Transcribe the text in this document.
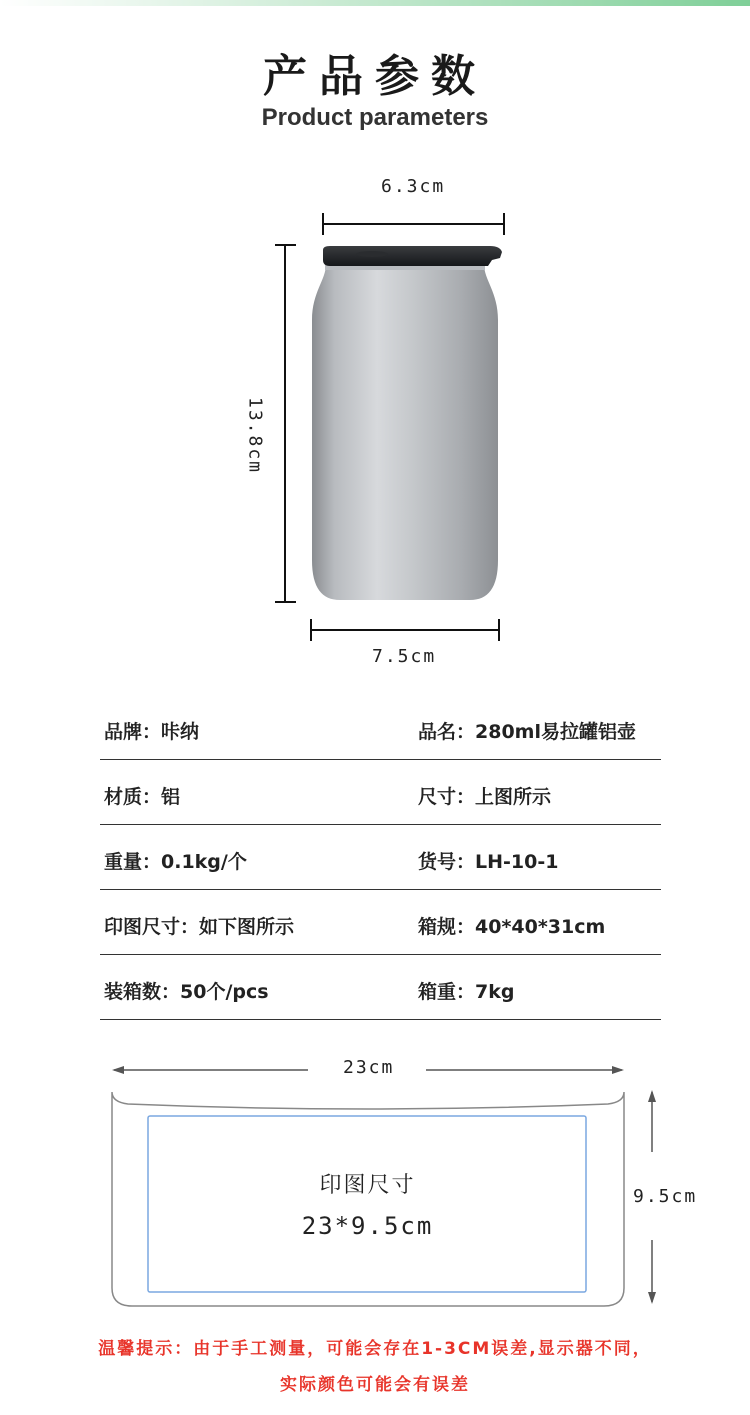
产品参数
Product parameters
6.3cm
13.8cm
7.5cm
品牌：咔纳	品名：280ml易拉罐铝壶
材质：铝	尺寸：上图所示
重量：0.1kg/个	货号：LH-10-1
印图尺寸：如下图所示	箱规：40*40*31cm
装箱数：50个/pcs	箱重：7kg
23cm
9.5cm
印图尺寸
23*9.5cm
温馨提示：由于手工测量，可能会存在1-3CM误差,显示器不同，
实际颜色可能会有误差
